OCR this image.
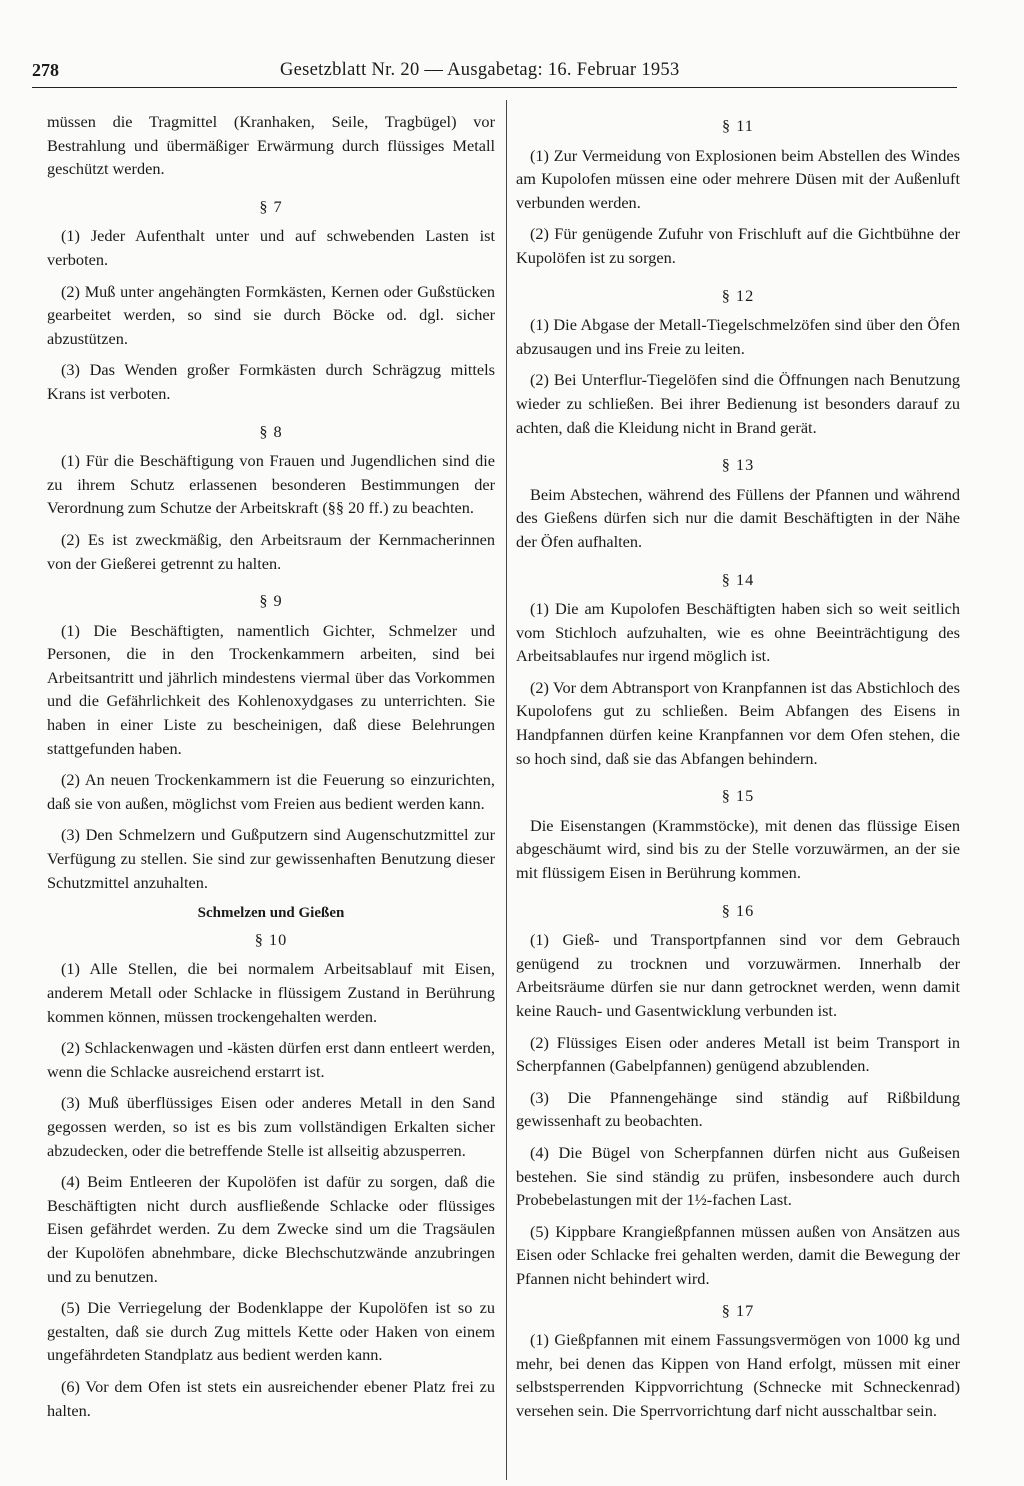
278	Gesetzblatt Nr. 20 — Ausgabetag: 16. Februar 1953

müssen die Tragmittel (Kranhaken, Seile, Tragbügel) vor Bestrahlung und übermäßiger Erwärmung durch flüssiges Metall geschützt werden.

§ 7

(1) Jeder Aufenthalt unter und auf schwebenden Lasten ist verboten.

(2) Muß unter angehängten Formkästen, Kernen oder Gußstücken gearbeitet werden, so sind sie durch Böcke od. dgl. sicher abzustützen.

(3) Das Wenden großer Formkästen durch Schrägzug mittels Krans ist verboten.

§ 8

(1) Für die Beschäftigung von Frauen und Jugendlichen sind die zu ihrem Schutz erlassenen besonderen Bestimmungen der Verordnung zum Schutze der Arbeitskraft (§§ 20 ff.) zu beachten.

(2) Es ist zweckmäßig, den Arbeitsraum der Kernmacherinnen von der Gießerei getrennt zu halten.

§ 9

(1) Die Beschäftigten, namentlich Gichter, Schmelzer und Personen, die in den Trockenkammern arbeiten, sind bei Arbeitsantritt und jährlich mindestens viermal über das Vorkommen und die Gefährlichkeit des Kohlenoxydgases zu unterrichten. Sie haben in einer Liste zu bescheinigen, daß diese Belehrungen stattgefunden haben.

(2) An neuen Trockenkammern ist die Feuerung so einzurichten, daß sie von außen, möglichst vom Freien aus bedient werden kann.

(3) Den Schmelzern und Gußputzern sind Augenschutzmittel zur Verfügung zu stellen. Sie sind zur gewissenhaften Benutzung dieser Schutzmittel anzuhalten.

Schmelzen und Gießen
§ 10

(1) Alle Stellen, die bei normalem Arbeitsablauf mit Eisen, anderem Metall oder Schlacke in flüssigem Zustand in Berührung kommen können, müssen trockengehalten werden.

(2) Schlackenwagen und -kästen dürfen erst dann entleert werden, wenn die Schlacke ausreichend erstarrt ist.

(3) Muß überflüssiges Eisen oder anderes Metall in den Sand gegossen werden, so ist es bis zum vollständigen Erkalten sicher abzudecken, oder die betreffende Stelle ist allseitig abzusperren.

(4) Beim Entleeren der Kupolöfen ist dafür zu sorgen, daß die Beschäftigten nicht durch ausfließende Schlacke oder flüssiges Eisen gefährdet werden. Zu dem Zwecke sind um die Tragsäulen der Kupolöfen abnehmbare, dicke Blechschutzwände anzubringen und zu benutzen.

(5) Die Verriegelung der Bodenklappe der Kupolöfen ist so zu gestalten, daß sie durch Zug mittels Kette oder Haken von einem ungefährdeten Standplatz aus bedient werden kann.

(6) Vor dem Ofen ist stets ein ausreichender ebener Platz frei zu halten.

§ 11

(1) Zur Vermeidung von Explosionen beim Abstellen des Windes am Kupolofen müssen eine oder mehrere Düsen mit der Außenluft verbunden werden.

(2) Für genügende Zufuhr von Frischluft auf die Gichtbühne der Kupolöfen ist zu sorgen.

§ 12

(1) Die Abgase der Metall-Tiegelschmelzöfen sind über den Öfen abzusaugen und ins Freie zu leiten.

(2) Bei Unterflur-Tiegelöfen sind die Öffnungen nach Benutzung wieder zu schließen. Bei ihrer Bedienung ist besonders darauf zu achten, daß die Kleidung nicht in Brand gerät.

§ 13

Beim Abstechen, während des Füllens der Pfannen und während des Gießens dürfen sich nur die damit Beschäftigten in der Nähe der Öfen aufhalten.

§ 14

(1) Die am Kupolofen Beschäftigten haben sich so weit seitlich vom Stichloch aufzuhalten, wie es ohne Beeinträchtigung des Arbeitsablaufes nur irgend möglich ist.

(2) Vor dem Abtransport von Kranpfannen ist das Abstichloch des Kupolofens gut zu schließen. Beim Abfangen des Eisens in Handpfannen dürfen keine Kranpfannen vor dem Ofen stehen, die so hoch sind, daß sie das Abfangen behindern.

§ 15

Die Eisenstangen (Krammstöcke), mit denen das flüssige Eisen abgeschäumt wird, sind bis zu der Stelle vorzuwärmen, an der sie mit flüssigem Eisen in Berührung kommen.

§ 16

(1) Gieß- und Transportpfannen sind vor dem Gebrauch genügend zu trocknen und vorzuwärmen. Innerhalb der Arbeitsräume dürfen sie nur dann getrocknet werden, wenn damit keine Rauch- und Gasentwicklung verbunden ist.

(2) Flüssiges Eisen oder anderes Metall ist beim Transport in Scherpfannen (Gabelpfannen) genügend abzublenden.

(3) Die Pfannengehänge sind ständig auf Rißbildung gewissenhaft zu beobachten.

(4) Die Bügel von Scherpfannen dürfen nicht aus Gußeisen bestehen. Sie sind ständig zu prüfen, insbesondere auch durch Probebelastungen mit der 1½-fachen Last.

(5) Kippbare Krangießpfannen müssen außen von Ansätzen aus Eisen oder Schlacke frei gehalten werden, damit die Bewegung der Pfannen nicht behindert wird.

§ 17

(1) Gießpfannen mit einem Fassungsvermögen von 1000 kg und mehr, bei denen das Kippen von Hand erfolgt, müssen mit einer selbstsperrenden Kippvorrichtung (Schnecke mit Schneckenrad) versehen sein. Die Sperrvorrichtung darf nicht ausschaltbar sein.
